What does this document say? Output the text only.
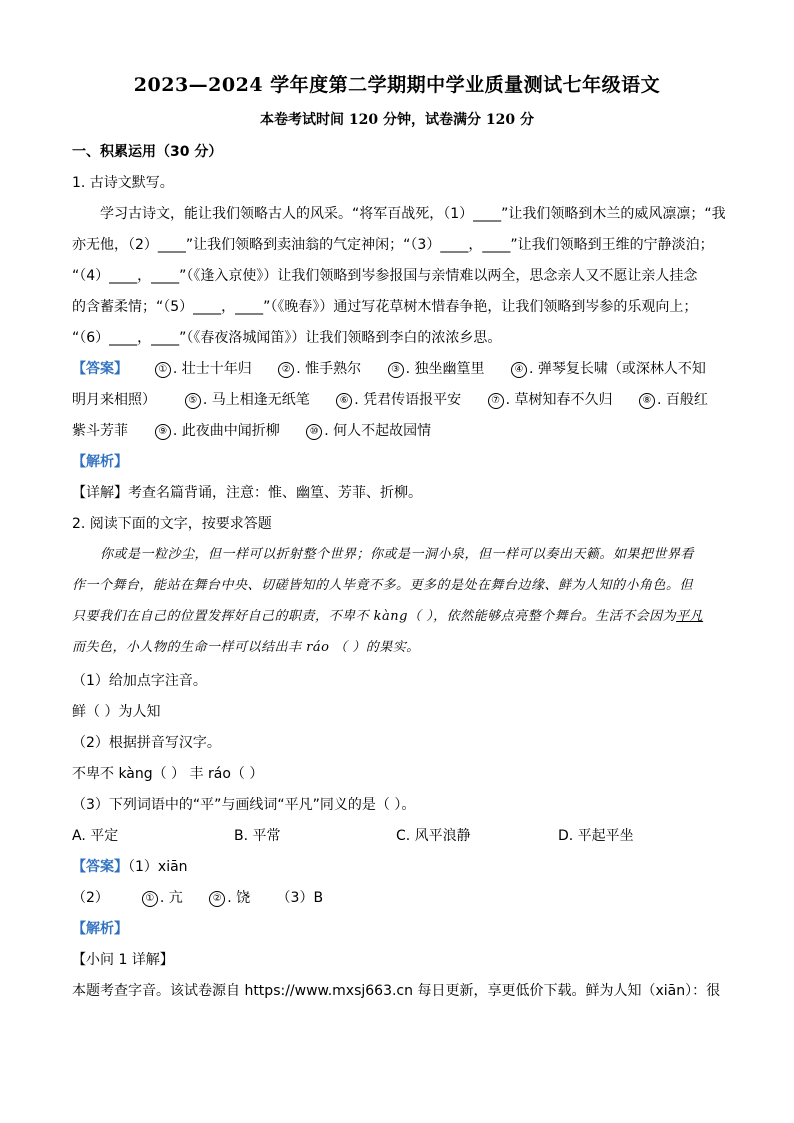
2023—2024 学年度第二学期期中学业质量测试七年级语文
本卷考试时间 120 分钟，试卷满分 120 分
一、积累运用（30 分）
1. 古诗文默写。
学习古诗文，能让我们领略古人的风采。“将军百战死，（1）____”让我们领略到木兰的威风凛凛；“我
亦无他，（2）____”让我们领略到卖油翁的气定神闲；“（3）____，____”让我们领略到王维的宁静淡泊；
“（4）____，____”（《逢入京使》）让我们领略到岑参报国与亲情难以两全，思念亲人又不愿让亲人挂念
的含蓄柔情；“（5）____，____”（《晚春》）通过写花草树木惜春争艳，让我们领略到岑参的乐观向上；
“（6）____，____”（《春夜洛城闻笛》）让我们领略到李白的浓浓乡思。
【答案】	① . 壮士十年归	② . 惟手熟尔	③ . 独坐幽篁里	④ . 弹琴复长啸（或深林人不知
明月来相照）	⑤ . 马上相逢无纸笔	⑥ . 凭君传语报平安	⑦ . 草树知春不久归	⑧ . 百般红
紫斗芳菲	⑨ . 此夜曲中闻折柳	⑩ . 何人不起故园情
【解析】
【详解】考查名篇背诵，注意：惟、幽篁、芳菲、折柳。
2. 阅读下面的文字，按要求答题
你或是一粒沙尘，但一样可以折射整个世界；你或是一洞小泉，但一样可以奏出天籁。如果把世界看
作一个舞台，能站在舞台中央、切磋皆知的人毕竟不多。更多的是处在舞台边缘、鲜为人知的小角色。但
只要我们在自己的位置发挥好自己的职责，不卑不 kàng（ ），依然能够点亮整个舞台。生活不会因为平凡
而失色，小人物的生命一样可以结出丰 ráo （ ）的果实。
（1）给加点字注音。
鲜（ ）为人知
（2）根据拼音写汉字。
不卑不 kàng（ ） 丰 ráo（ ）
（3）下列词语中的“平”与画线词“平凡”同义的是（ ）。
A. 平定	B. 平常	C. 风平浪静	D. 平起平坐
【答案】（1）xiān
（2）	① . 亢	② . 饶 （3）B
【解析】
【小问 1 详解】
本题考查字音。该试卷源自 https://www.mxsj663.cn 每日更新，享更低价下载。鲜为人知（xiān）：很
